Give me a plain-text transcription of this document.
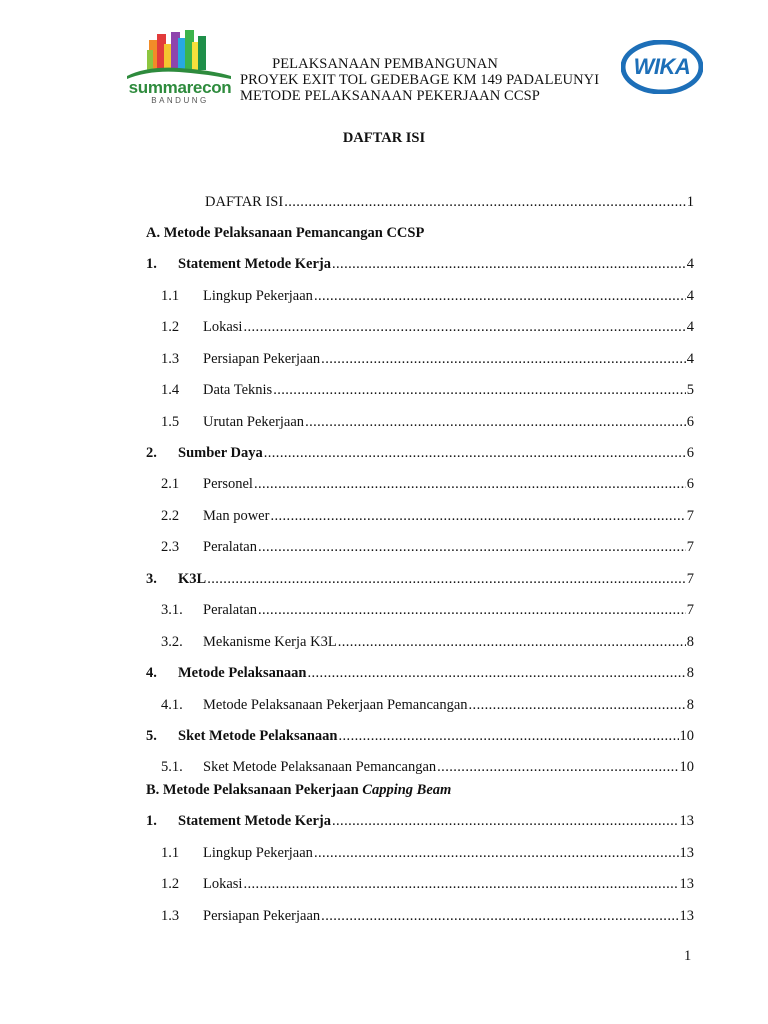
summarecon
BANDUNG
PELAKSANAAN PEMBANGUNAN
PROYEK EXIT TOL GEDEBAGE KM 149 PADALEUNYI
METODE PELAKSANAAN PEKERJAAN CCSP
WIKA
DAFTAR ISI
DAFTAR ISI .....	1
A. Metode Pelaksanaan Pemancangan CCSP
1.	Statement Metode Kerja .....	4
1.1	Lingkup Pekerjaan .....	4
1.2	Lokasi .....	4
1.3	Persiapan Pekerjaan .....	4
1.4	Data Teknis .....	5
1.5	Urutan Pekerjaan .....	6
2.	Sumber Daya .....	6
2.1	Personel .....	6
2.2	Man power .....	7
2.3	Peralatan .....	7
3.	K3L .....	7
3.1.	Peralatan .....	7
3.2.	Mekanisme Kerja K3L .....	8
4.	Metode Pelaksanaan .....	8
4.1.	Metode Pelaksanaan Pekerjaan Pemancangan .....	8
5.	Sket Metode Pelaksanaan .....	10
5.1.	Sket Metode Pelaksanaan Pemancangan .....	10
B. Metode Pelaksanaan Pekerjaan Capping Beam
1.	Statement Metode Kerja .....	13
1.1	Lingkup Pekerjaan .....	13
1.2	Lokasi .....	13
1.3	Persiapan Pekerjaan .....	13
1
